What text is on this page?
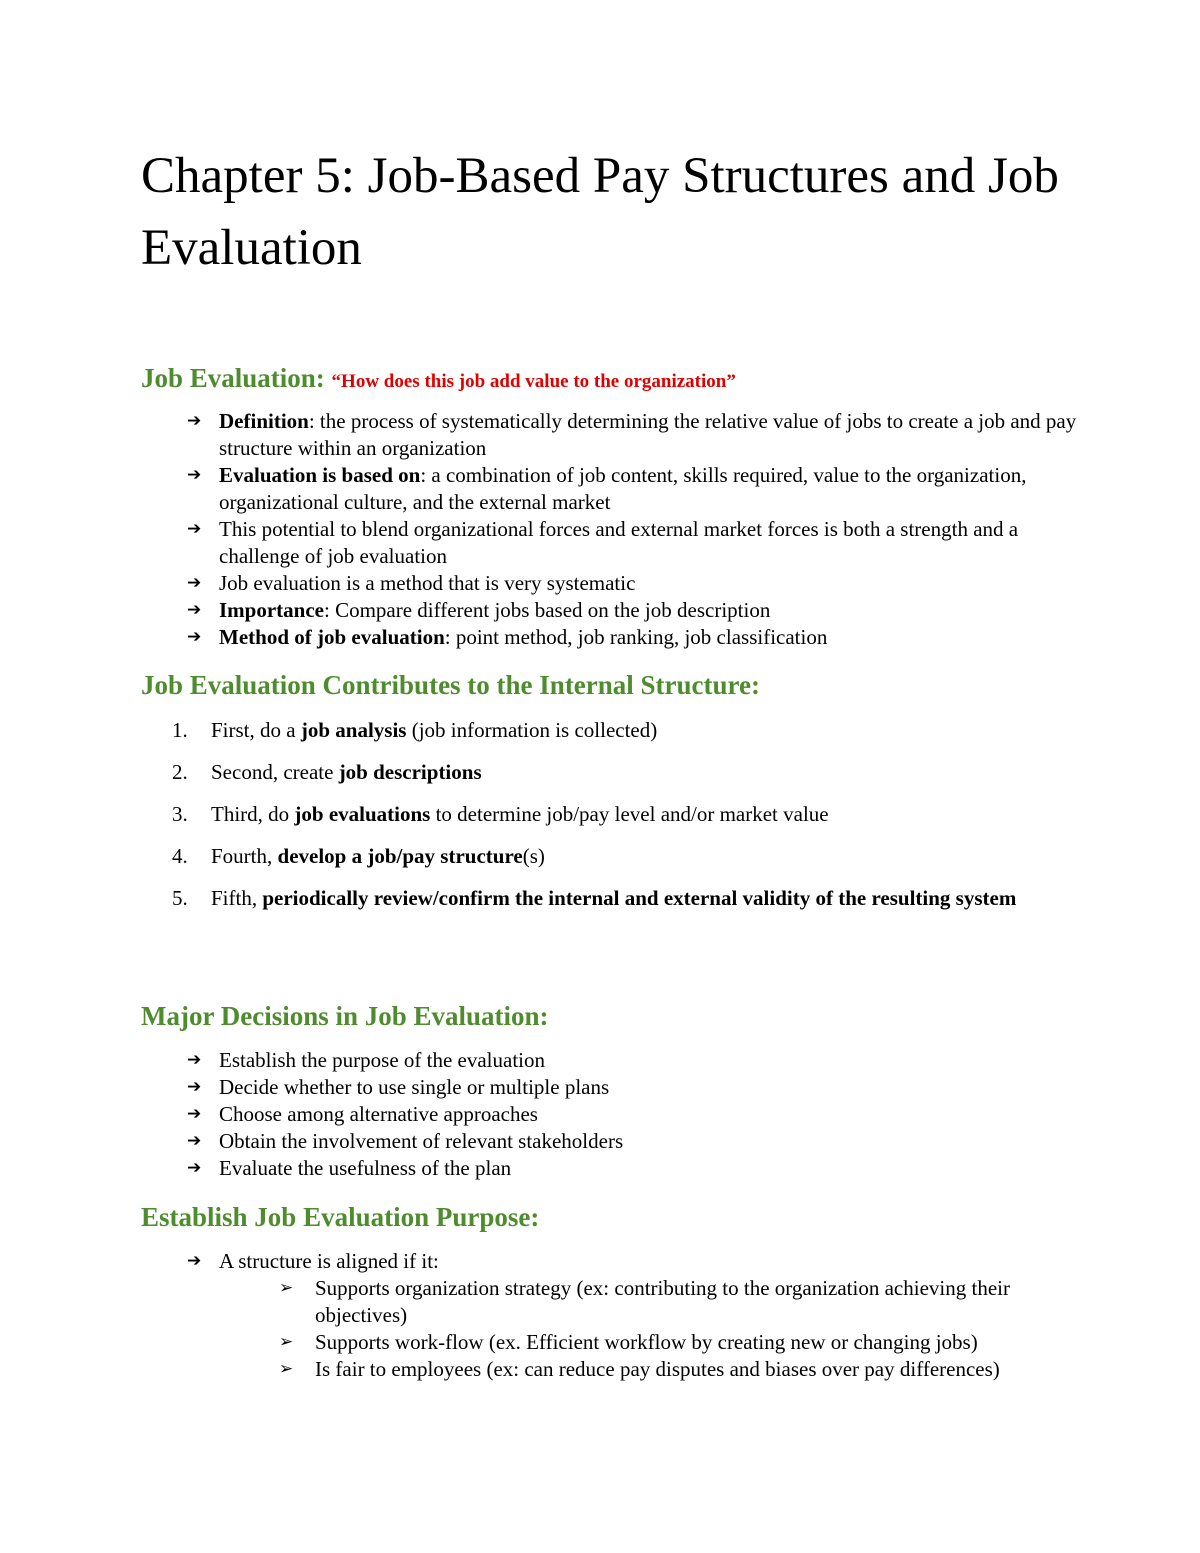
Chapter 5: Job-Based Pay Structures and Job Evaluation
Job Evaluation: “How does this job add value to the organization”
➔ Definition: the process of systematically determining the relative value of jobs to create a job and pay structure within an organization
➔ Evaluation is based on: a combination of job content, skills required, value to the organization, organizational culture, and the external market
➔ This potential to blend organizational forces and external market forces is both a strength and a challenge of job evaluation
➔ Job evaluation is a method that is very systematic
➔ Importance: Compare different jobs based on the job description
➔ Method of job evaluation: point method, job ranking, job classification
Job Evaluation Contributes to the Internal Structure:
1. First, do a job analysis (job information is collected)
2. Second, create job descriptions
3. Third, do job evaluations to determine job/pay level and/or market value
4. Fourth, develop a job/pay structure(s)
5. Fifth, periodically review/confirm the internal and external validity of the resulting system
Major Decisions in Job Evaluation:
➔ Establish the purpose of the evaluation
➔ Decide whether to use single or multiple plans
➔ Choose among alternative approaches
➔ Obtain the involvement of relevant stakeholders
➔ Evaluate the usefulness of the plan
Establish Job Evaluation Purpose:
➔ A structure is aligned if it:
➢	Supports organization strategy (ex: contributing to the organization achieving their objectives)
➢	Supports work-flow (ex. Efficient workflow by creating new or changing jobs)
➢	Is fair to employees (ex: can reduce pay disputes and biases over pay differences)
